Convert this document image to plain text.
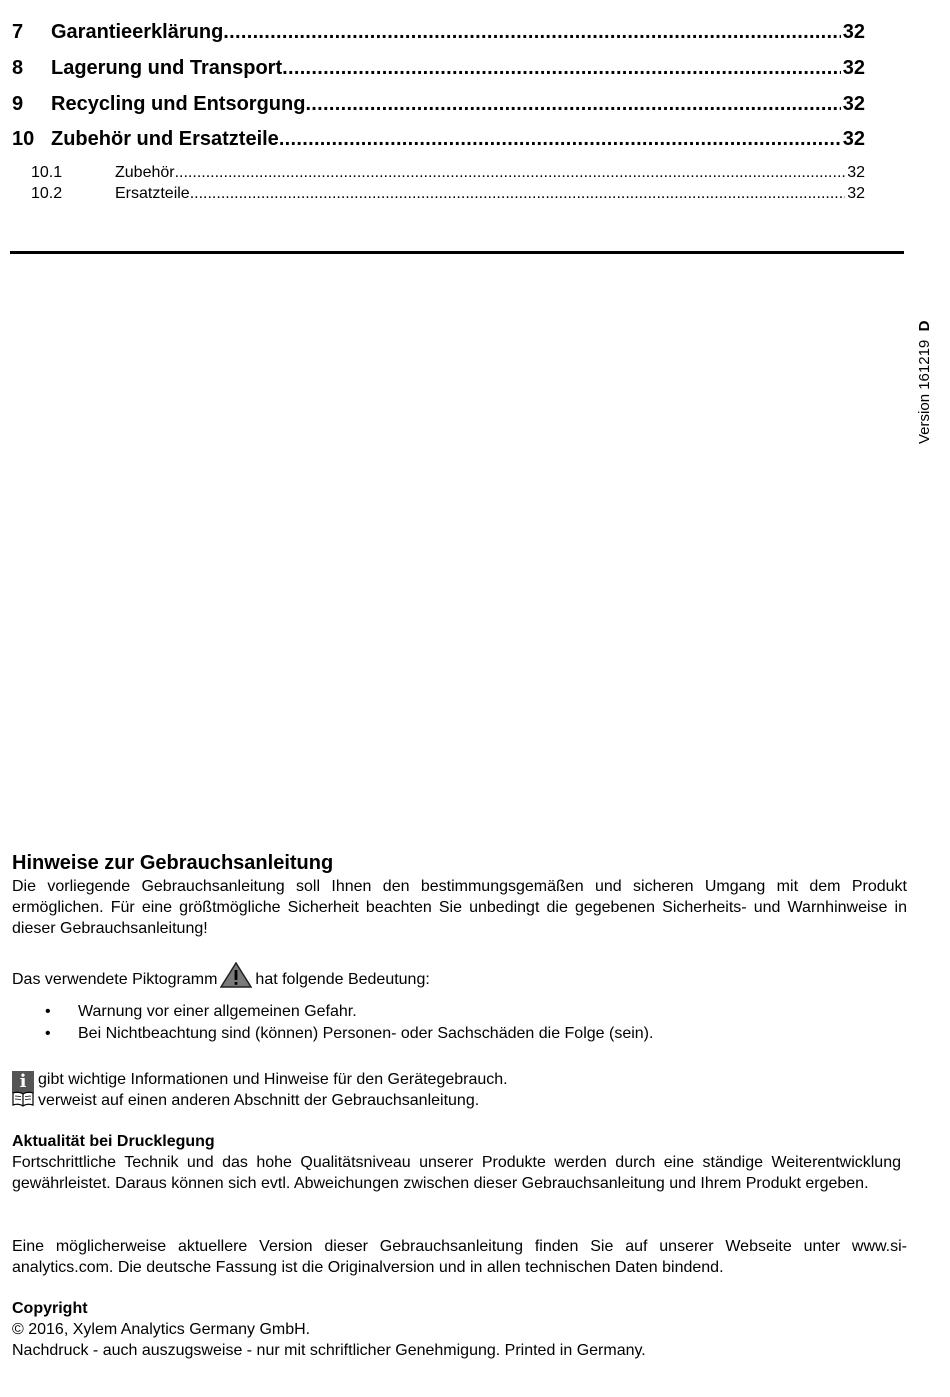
7	Garantieerklärung .....	32
8	Lagerung und Transport .....	32
9	Recycling und Entsorgung .....	32
10 Zubehör und Ersatzteile .....	32
10.1	Zubehör .....	32
10.2	Ersatzteile .....	32
Version 161219  D
Hinweise zur Gebrauchsanleitung
Die vorliegende Gebrauchsanleitung soll Ihnen den bestimmungsgemäßen und sicheren Umgang mit dem Produkt ermöglichen. Für eine größtmögliche Sicherheit beachten Sie unbedingt die gegebenen Sicherheits- und Warnhinweise in dieser Gebrauchsanleitung!
Das verwendete Piktogramm hat folgende Bedeutung:
• Warnung vor einer allgemeinen Gefahr.
• Bei Nichtbeachtung sind (können) Personen- oder Sachschäden die Folge (sein).
i gibt wichtige Informationen und Hinweise für den Gerätegebrauch.
verweist auf einen anderen Abschnitt der Gebrauchsanleitung.
Aktualität bei Drucklegung
Fortschrittliche Technik und das hohe Qualitätsniveau unserer Produkte werden durch eine ständige Weiterentwicklung gewährleistet. Daraus können sich evtl. Abweichungen zwischen dieser Gebrauchsanleitung und Ihrem Produkt ergeben.
Eine möglicherweise aktuellere Version dieser Gebrauchsanleitung finden Sie auf unserer Webseite unter www.si-analytics.com. Die deutsche Fassung ist die Originalversion und in allen technischen Daten bindend.
Copyright
© 2016, Xylem Analytics Germany GmbH.
Nachdruck - auch auszugsweise - nur mit schriftlicher Genehmigung. Printed in Germany.
